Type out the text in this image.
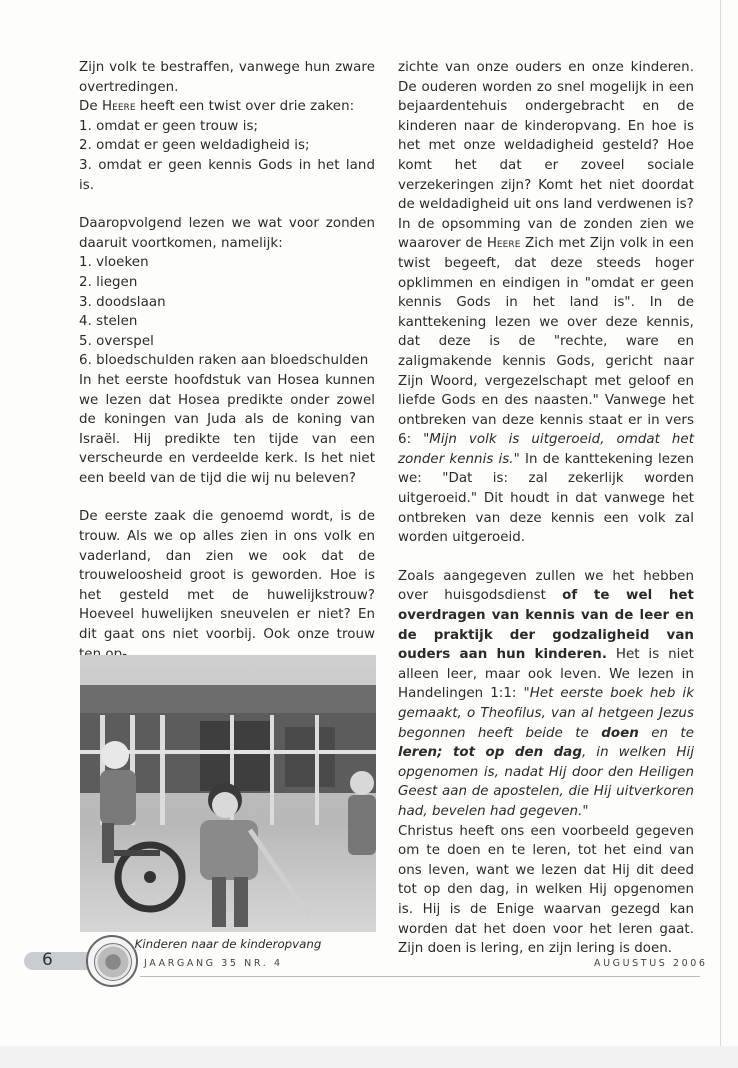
Zijn volk te bestraffen, vanwege hun zware overtredingen.

De Heere heeft een twist over drie zaken:

1. omdat er geen trouw is;

2. omdat er geen weldadigheid is;

3. omdat er geen kennis Gods in het land is.

Daaropvolgend lezen we wat voor zonden daaruit voortkomen, namelijk:

1. vloeken

2. liegen

3. doodslaan

4. stelen

5. overspel

6. bloedschulden raken aan bloedschulden

In het eerste hoofdstuk van Hosea kunnen we lezen dat Hosea predikte onder zowel de koningen van Juda als de koning van Israël. Hij predikte ten tijde van een verscheurde en verdeelde kerk. Is het niet een beeld van de tijd die wij nu beleven?

De eerste zaak die genoemd wordt, is de trouw. Als we op alles zien in ons volk en vaderland, dan zien we ook dat de trouweloosheid groot is geworden. Hoe is het gesteld met de huwelijkstrouw? Hoeveel huwelijken sneuvelen er niet? En dit gaat ons niet voorbij. Ook onze trouw

Kinderen naar de kinderopvang

zichte van onze ouders en onze kinderen. De ouderen worden zo snel mogelijk in een bejaardentehuis ondergebracht en de kinderen naar de kinderopvang. En hoe is het met onze weldadigheid gesteld? Hoe komt het dat er zoveel sociale verzekeringen zijn? Komt het niet doordat de weldadigheid uit ons land verdwenen is?

In de opsomming van de zonden zien we waarover de Heere Zich met Zijn volk in een twist begeeft, dat deze steeds hoger opklimmen en eindigen in "omdat er geen kennis Gods in het land is". In de kanttekening lezen we over deze kennis, dat deze is de "rechte, ware en zaligmakende kennis Gods, gericht naar Zijn Woord, vergezelschapt met geloof en liefde Gods en des naasten." Vanwege het ontbreken van deze kennis staat er in vers 6: "Mijn volk is uitgeroeid, omdat het zonder kennis is." In de kanttekening lezen we: "Dat is: zal zekerlijk worden uitgeroeid." Dit houdt in dat vanwege het ontbreken van deze kennis een volk zal worden uitgeroeid.

Zoals aangegeven zullen we het hebben over huisgodsdienst of te wel het overdragen van kennis van de leer en de praktijk der godzaligheid van ouders aan hun kinderen. Het is niet alleen leer, maar ook leven. We lezen in Handelingen 1:1: "Het eerste boek heb ik gemaakt, o Theofilus, van al hetgeen Jezus begonnen heeft beide te doen en te leren; tot op den dag, in welken Hij opgenomen is, nadat Hij door den Heiligen Geest aan de apostelen, die Hij uitverkoren had, bevelen had gegeven."

Christus heeft ons een voorbeeld gegeven om te doen en te leren, tot het eind van ons leven, want we lezen dat Hij dit deed tot op den dag, in welken Hij opgenomen is. Hij is de Enige waarvan gezegd kan worden dat het doen voor het leren gaat. Zijn doen is lering, en zijn lering is doen.

6	JAARGANG 35 NR. 4	AUGUSTUS 2006
